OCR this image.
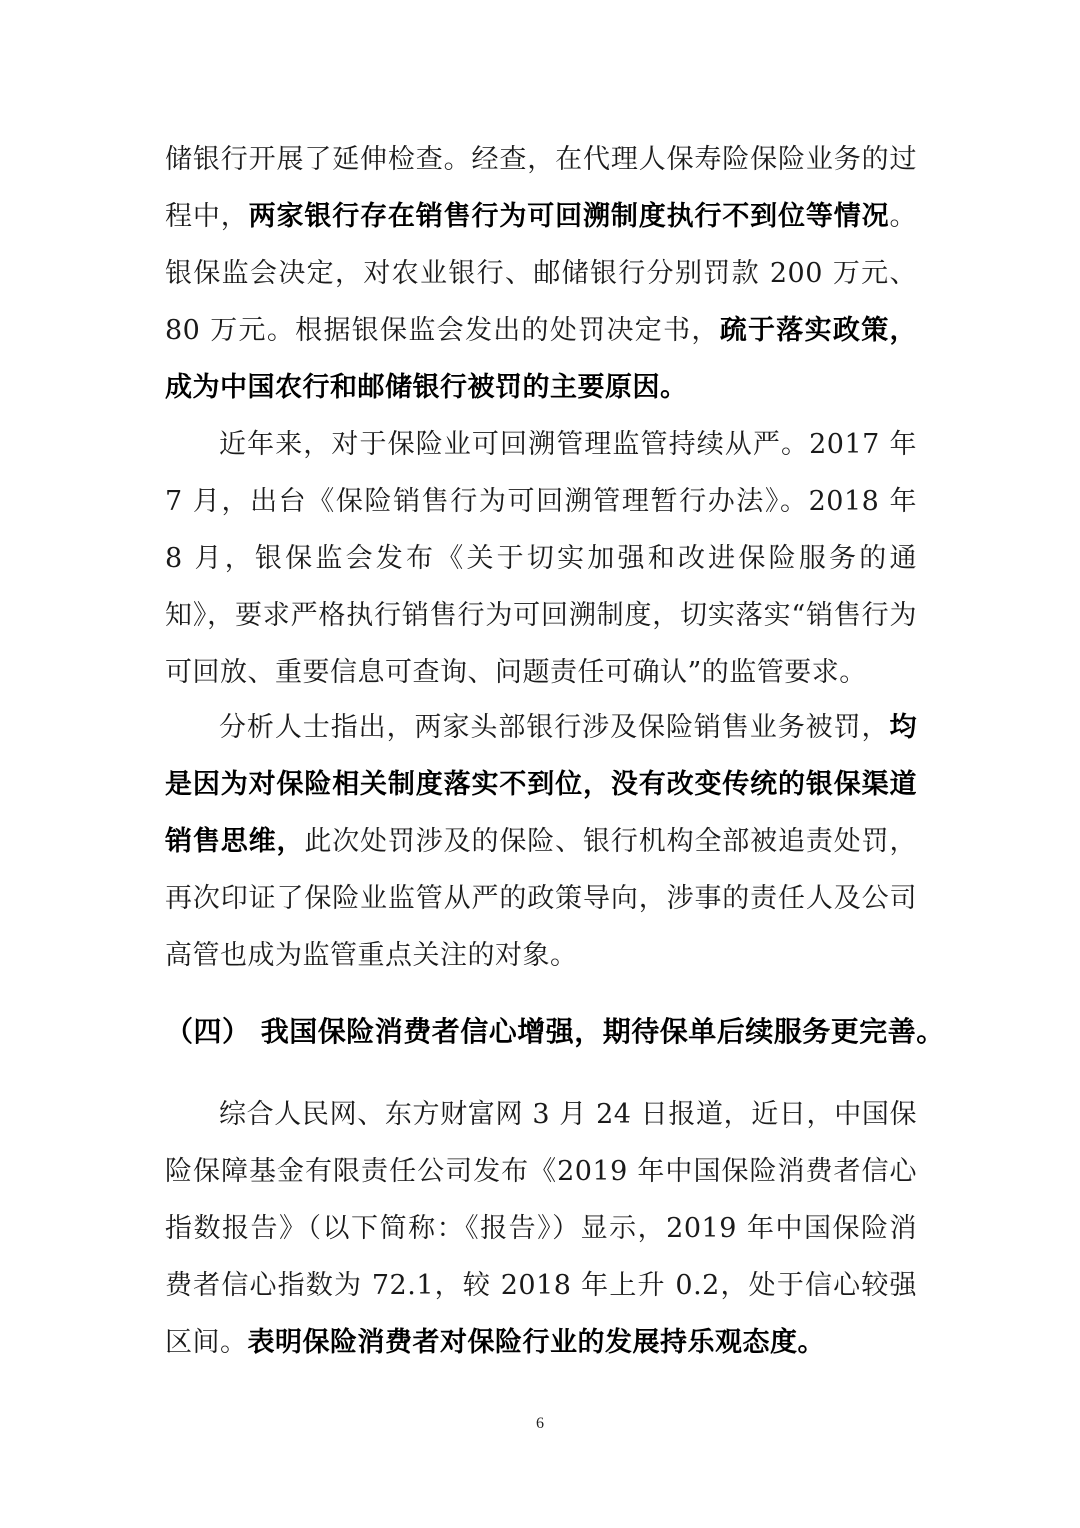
储银行开展了延伸检查。经查，在代理人保寿险保险业务的过程中，两家银行存在销售行为可回溯制度执行不到位等情况。银保监会决定，对农业银行、邮储银行分别罚款 200 万元、80 万元。根据银保监会发出的处罚决定书，疏于落实政策，成为中国农行和邮储银行被罚的主要原因。

近年来，对于保险业可回溯管理监管持续从严。2017 年 7 月，出台《保险销售行为可回溯管理暂行办法》。2018 年 8 月，银保监会发布《关于切实加强和改进保险服务的通知》，要求严格执行销售行为可回溯制度，切实落实“销售行为可回放、重要信息可查询、问题责任可确认”的监管要求。

分析人士指出，两家头部银行涉及保险销售业务被罚，均是因为对保险相关制度落实不到位，没有改变传统的银保渠道销售思维，此次处罚涉及的保险、银行机构全部被追责处罚，再次印证了保险业监管从严的政策导向，涉事的责任人及公司高管也成为监管重点关注的对象。

（四） 我国保险消费者信心增强，期待保单后续服务更完善。

综合人民网、东方财富网 3 月 24 日报道，近日，中国保险保障基金有限责任公司发布《2019 年中国保险消费者信心指数报告》（以下简称：《报告》）显示，2019 年中国保险消费者信心指数为 72.1，较 2018 年上升 0.2，处于信心较强区间。表明保险消费者对保险行业的发展持乐观态度。

6
